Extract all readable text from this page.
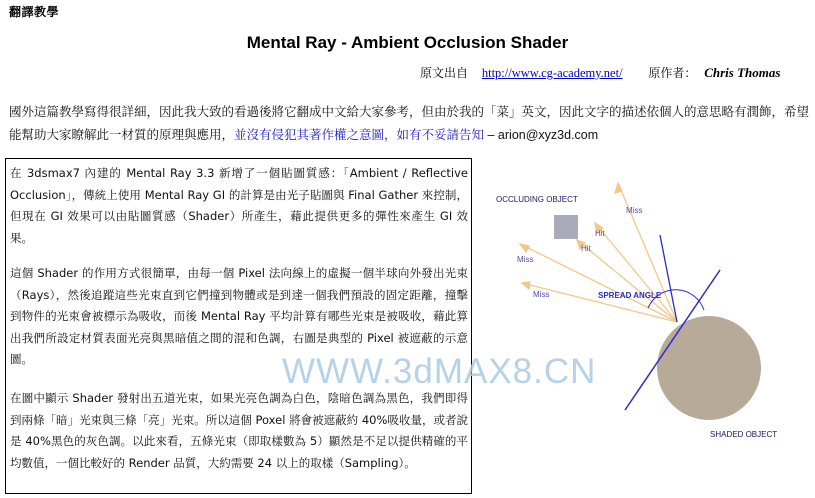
翻譯教學
Mental Ray - Ambient Occlusion Shader
原文出自 http://www.cg-academy.net/ 原作者： Chris Thomas
國外這篇教學寫得很詳細，因此我大致的看過後將它翻成中文給大家參考，但由於我的「菜」英文，因此文字的描述依個人的意思略有潤飾，希望能幫助大家瞭解此一材質的原理與應用，並沒有侵犯其著作權之意圖，如有不妥請告知 – arion@xyz3d.com

在 3dsmax7 內建的 Mental Ray 3.3 新增了一個貼圖質感：「Ambient / Reflective Occlusion」，傳統上使用 Mental Ray GI 的計算是由光子貼圖與 Final Gather 來控制，但現在 GI 效果可以由貼圖質感（Shader）所產生，藉此提供更多的彈性來產生 GI 效果。

這個 Shader 的作用方式很簡單，由每一個 Pixel 法向線上的虛擬一個半球向外發出光束（Rays），然後追蹤這些光束直到它們撞到物體或是到達一個我們預設的固定距離，撞擊到物件的光束會被標示為吸收，而後 Mental Ray 平均計算有哪些光束是被吸收，藉此算出我們所設定材質表面光亮與黑暗值之間的混和色調，右圖是典型的 Pixel 被遮蔽的示意圖。

在圖中顯示 Shader 發射出五道光束，如果光亮色調為白色，陰暗色調為黑色，我們即得到兩條「暗」光束與三條「亮」光束。所以這個 Poxel 將會被遮蔽約 40%吸收量，或者說是 40%黑色的灰色調。以此來看，五條光束（即取樣數為 5）顯然是不足以提供精確的平均數值，一個比較好的 Render 品質，大約需要 24 以上的取樣（Sampling）。

OCCLUDING OBJECT
Miss
Hit
Hit
Miss
Miss	SPREAD ANGLE
SHADED OBJECT
WWW.3dMAX8.CN
